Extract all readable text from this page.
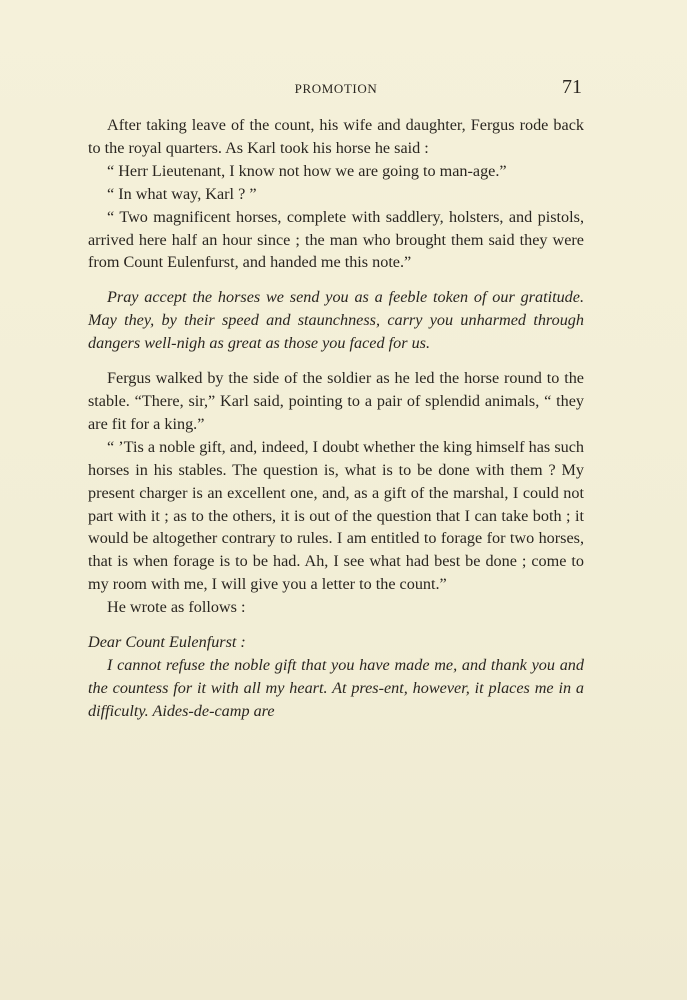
PROMOTION	71

After taking leave of the count, his wife and daughter, Fergus rode back to the royal quarters. As Karl took his horse he said :

“ Herr Lieutenant, I know not how we are going to man-age.”

“ In what way, Karl ? ”

“ Two magnificent horses, complete with saddlery, holsters, and pistols, arrived here half an hour since ; the man who brought them said they were from Count Eulenfurst, and handed me this note.”

Pray accept the horses we send you as a feeble token of our gratitude. May they, by their speed and staunchness, carry you unharmed through dangers well-nigh as great as those you faced for us.

Fergus walked by the side of the soldier as he led the horse round to the stable. “There, sir,” Karl said, pointing to a pair of splendid animals, “ they are fit for a king.”

“ ’Tis a noble gift, and, indeed, I doubt whether the king himself has such horses in his stables. The question is, what is to be done with them ? My present charger is an excellent one, and, as a gift of the marshal, I could not part with it ; as to the others, it is out of the question that I can take both ; it would be altogether contrary to rules. I am entitled to forage for two horses, that is when forage is to be had. Ah, I see what had best be done ; come to my room with me, I will give you a letter to the count.”

He wrote as follows :

Dear Count Eulenfurst :

I cannot refuse the noble gift that you have made me, and thank you and the countess for it with all my heart. At pres-ent, however, it places me in a difficulty. Aides-de-camp are
